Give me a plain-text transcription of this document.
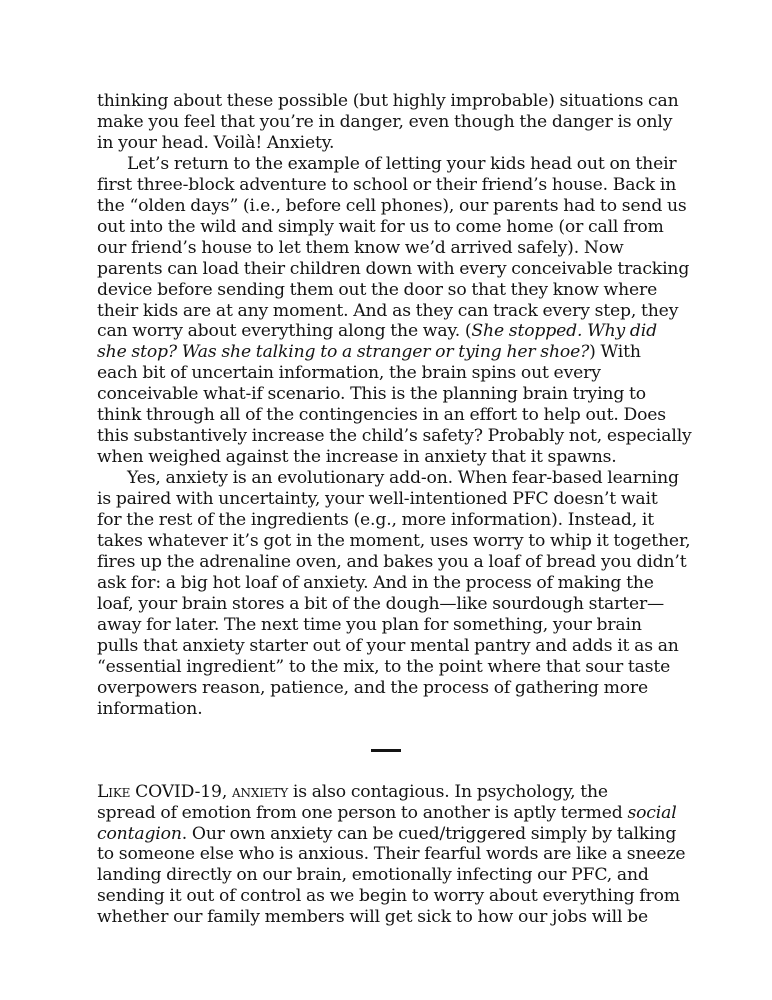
thinking about these possible (but highly improbable) situations can
make you feel that you’re in danger, even though the danger is only
in your head. Voilà! Anxiety.

Let’s return to the example of letting your kids head out on their
first three-block adventure to school or their friend’s house. Back in
the “olden days” (i.e., before cell phones), our parents had to send us
out into the wild and simply wait for us to come home (or call from
our friend’s house to let them know we’d arrived safely). Now
parents can load their children down with every conceivable tracking
device before sending them out the door so that they know where
their kids are at any moment. And as they can track every step, they
can worry about everything along the way. (She stopped. Why did
she stop? Was she talking to a stranger or tying her shoe?) With
each bit of uncertain information, the brain spins out every
conceivable what-if scenario. This is the planning brain trying to
think through all of the contingencies in an effort to help out. Does
this substantively increase the child’s safety? Probably not, especially
when weighed against the increase in anxiety that it spawns.

Yes, anxiety is an evolutionary add-on. When fear-based learning
is paired with uncertainty, your well-intentioned PFC doesn’t wait
for the rest of the ingredients (e.g., more information). Instead, it
takes whatever it’s got in the moment, uses worry to whip it together,
fires up the adrenaline oven, and bakes you a loaf of bread you didn’t
ask for: a big hot loaf of anxiety. And in the process of making the
loaf, your brain stores a bit of the dough—like sourdough starter—
away for later. The next time you plan for something, your brain
pulls that anxiety starter out of your mental pantry and adds it as an
“essential ingredient” to the mix, to the point where that sour taste
overpowers reason, patience, and the process of gathering more
information.

Like COVID-19, anxiety is also contagious. In psychology, the
spread of emotion from one person to another is aptly termed social
contagion. Our own anxiety can be cued/triggered simply by talking
to someone else who is anxious. Their fearful words are like a sneeze
landing directly on our brain, emotionally infecting our PFC, and
sending it out of control as we begin to worry about everything from
whether our family members will get sick to how our jobs will be
